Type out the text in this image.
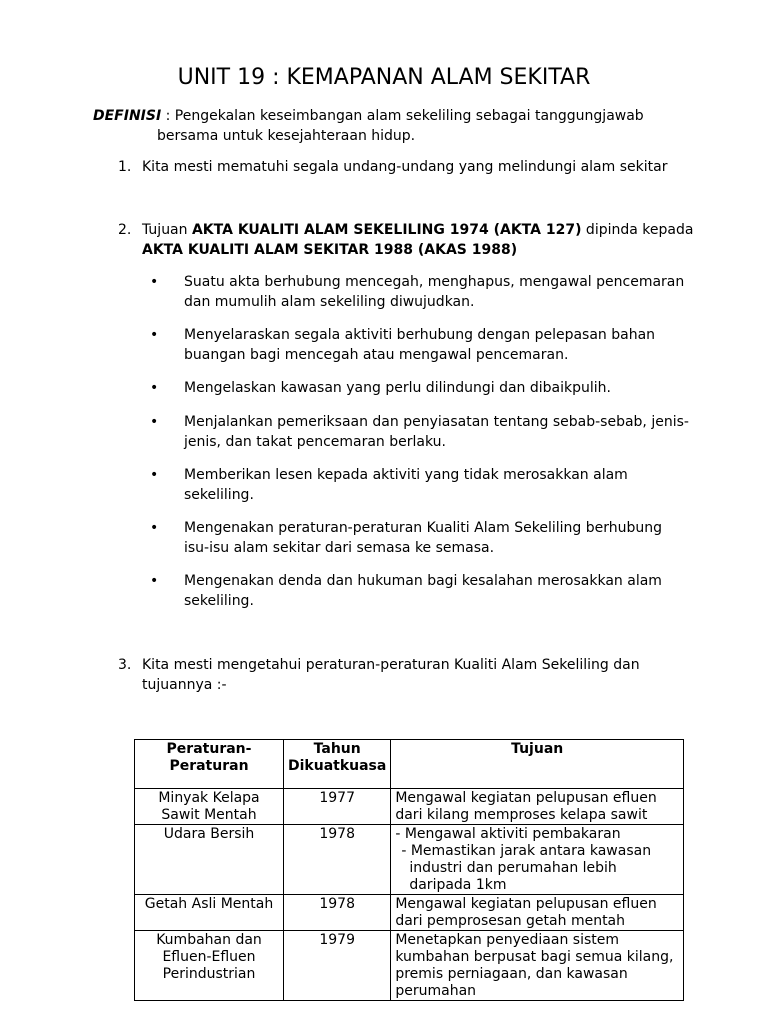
UNIT 19 : KEMAPANAN ALAM SEKITAR
DEFINISI : Pengekalan keseimbangan alam sekeliling sebagai tanggungjawab
bersama untuk kesejahteraan hidup.
1. Kita mesti mematuhi segala undang-undang yang melindungi alam sekitar
2. Tujuan AKTA KUALITI ALAM SEKELILING 1974 (AKTA 127) dipinda kepada AKTA KUALITI ALAM SEKITAR 1988 (AKAS 1988)
• Suatu akta berhubung mencegah, menghapus, mengawal pencemaran dan mumulih alam sekeliling diwujudkan.
• Menyelaraskan segala aktiviti berhubung dengan pelepasan bahan buangan bagi mencegah atau mengawal pencemaran.
• Mengelaskan kawasan yang perlu dilindungi dan dibaikpulih.
• Menjalankan pemeriksaan dan penyiasatan tentang sebab-sebab, jenis-jenis, dan takat pencemaran berlaku.
• Memberikan lesen kepada aktiviti yang tidak merosakkan alam sekeliling.
• Mengenakan peraturan-peraturan Kualiti Alam Sekeliling berhubung isu-isu alam sekitar dari semasa ke semasa.
• Mengenakan denda dan hukuman bagi kesalahan merosakkan alam sekeliling.
3. Kita mesti mengetahui peraturan-peraturan Kualiti Alam Sekeliling dan tujuannya :-
Peraturan-Peraturan	Tahun Dikuatkuasa	Tujuan
Minyak Kelapa Sawit Mentah	1977	Mengawal kegiatan pelupusan efluen dari kilang memproses kelapa sawit
Udara Bersih	1978	- Mengawal aktiviti pembakaran
- Memastikan jarak antara kawasan industri dan perumahan lebih daripada 1km

Getah Asli Mentah	1978	Mengawal kegiatan pelupusan efluen dari pemprosesan getah mentah
Kumbahan dan Efluen-Efluen Perindustrian	1979	Menetapkan penyediaan sistem kumbahan berpusat bagi semua kilang, premis perniagaan, dan kawasan perumahan
